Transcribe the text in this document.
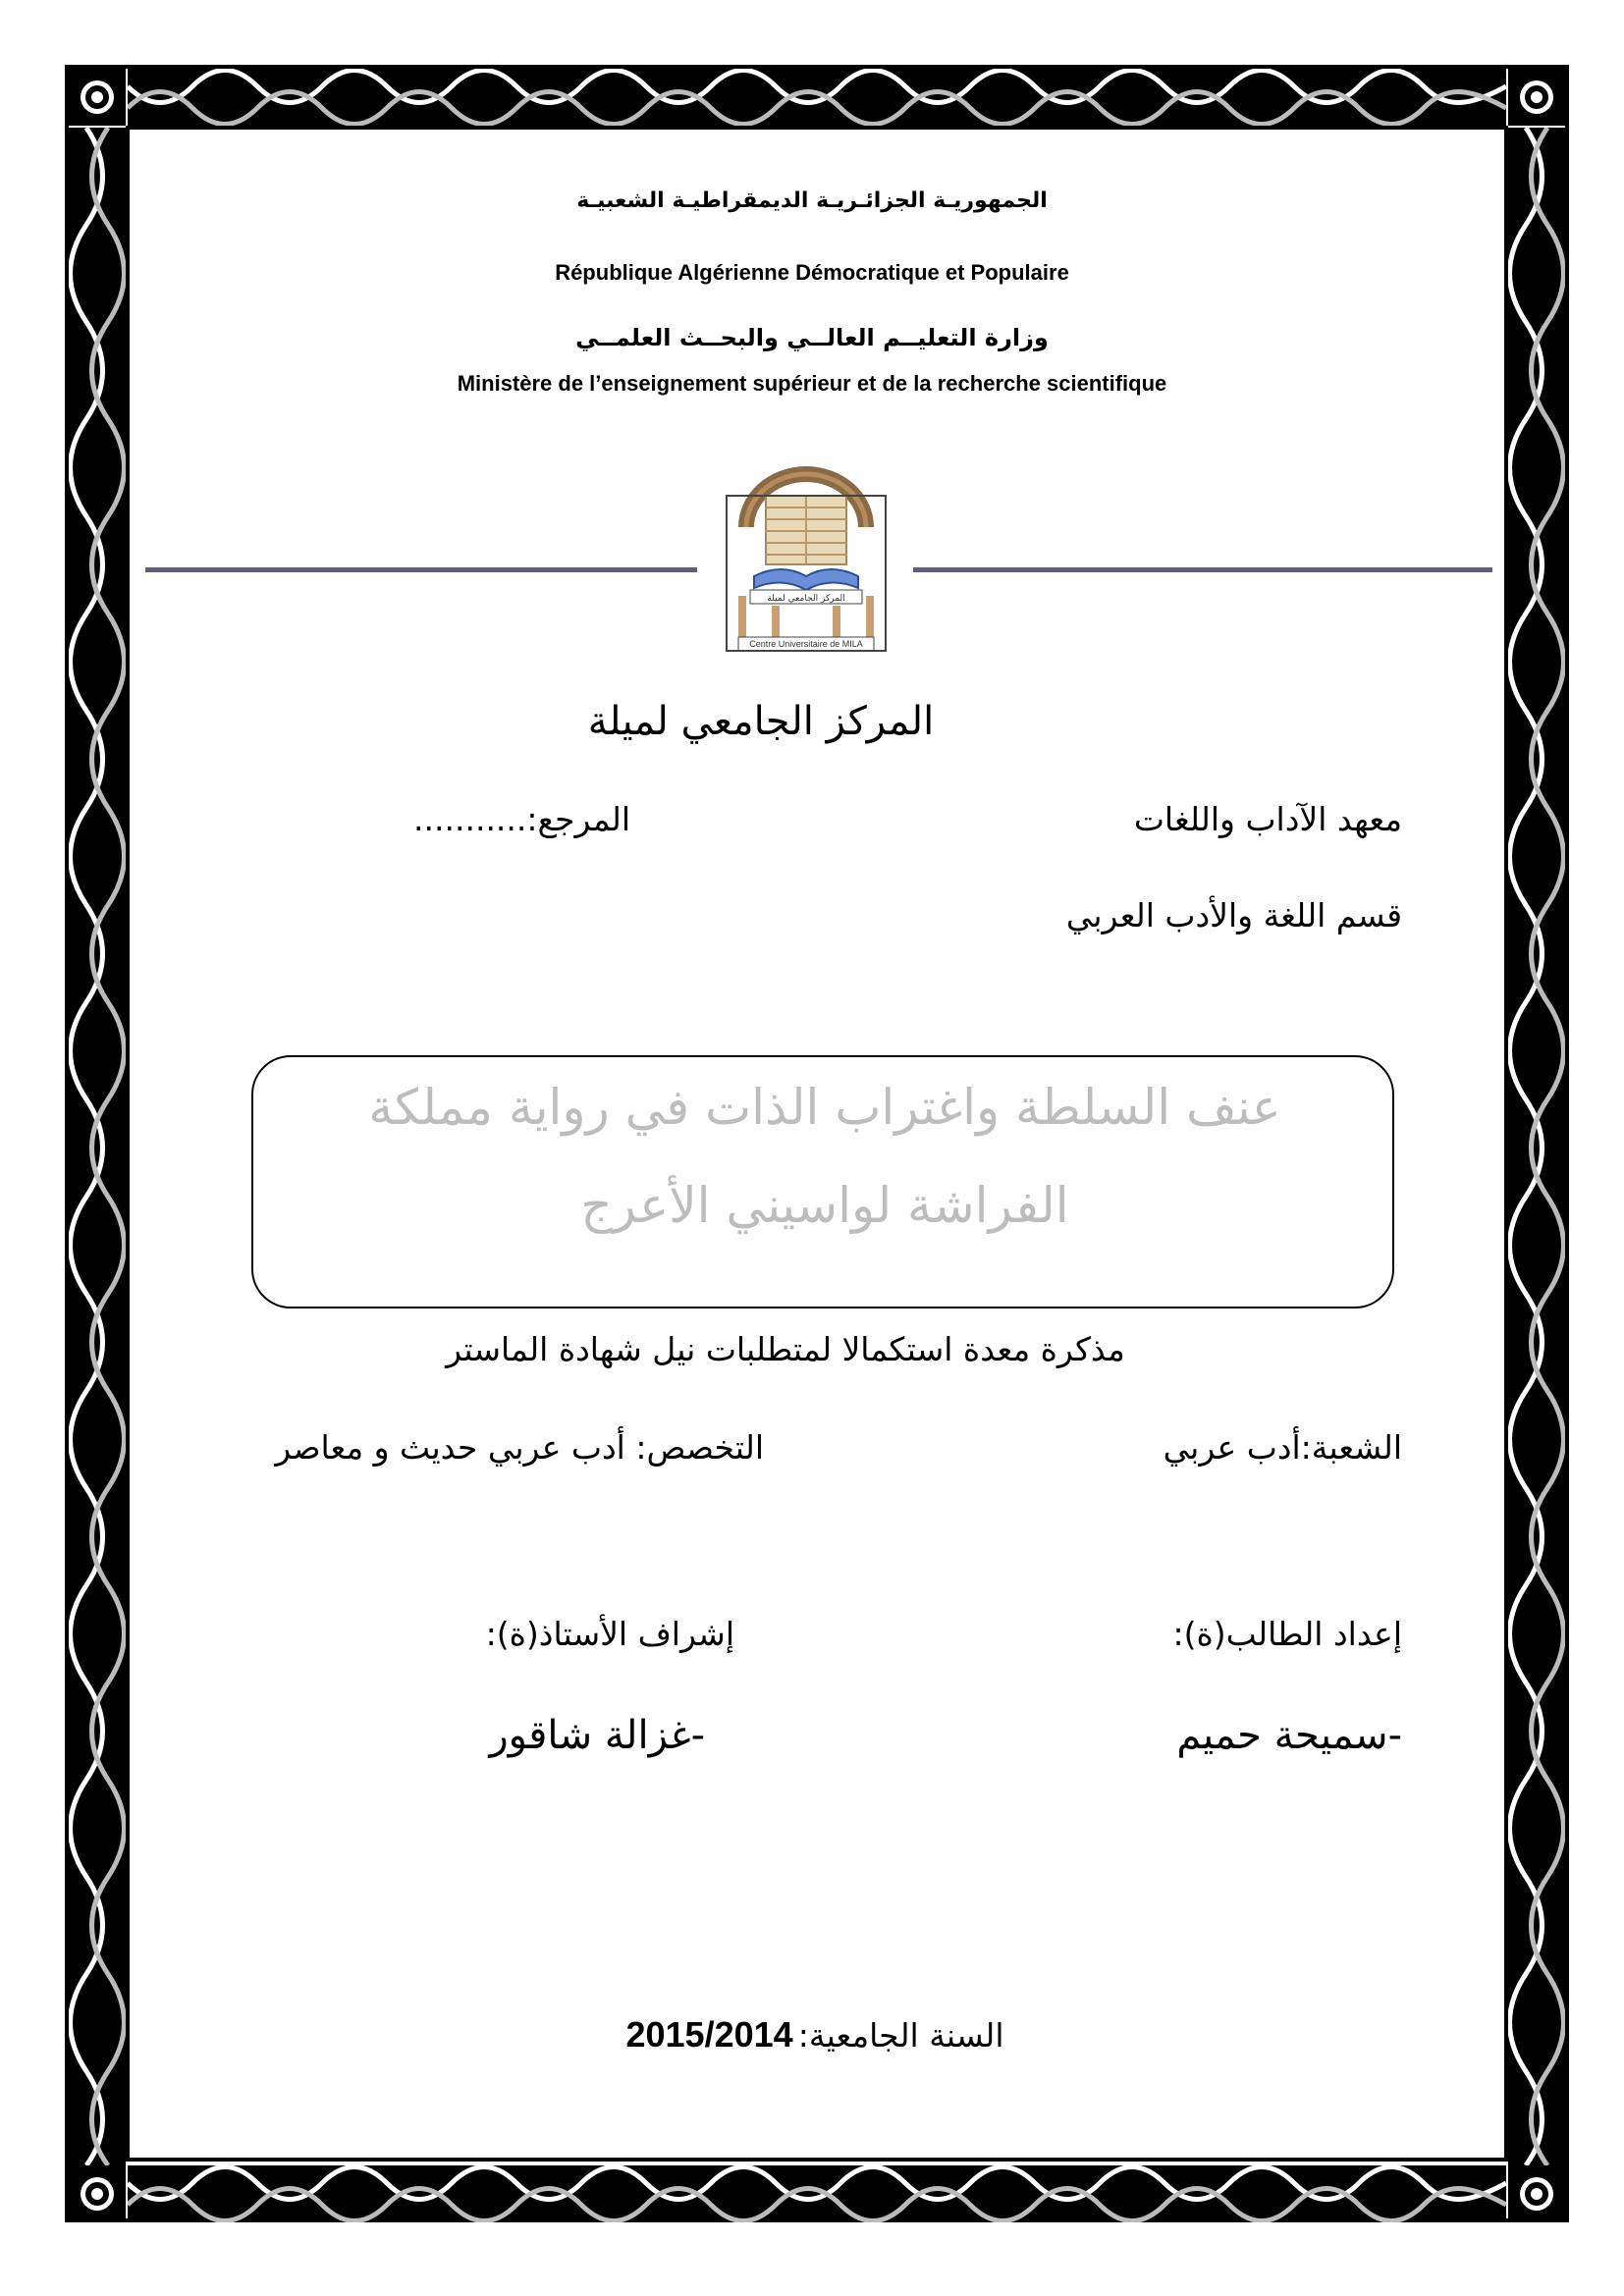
الجمهوريـة الجزائـريـة الديمقراطيـة الشعبيـة
République Algérienne Démocratique et Populaire
وزارة التعليــم العالــي والبحــث العلمــي
Ministère de l’enseignement supérieur et de la recherche scientifique
المركز الجامعي لميلة
Centre Universitaire de MILA
المركز الجامعي لميلة
معهد الآداب واللغات
المرجع:...........
قسم اللغة والأدب العربي
عنف السلطة واغتراب الذات في رواية مملكة
الفراشة لواسيني الأعرج
مذكرة معدة استكمالا لمتطلبات نيل شهادة الماستر
الشعبة:أدب عربي
التخصص: أدب عربي حديث و معاصر
إعداد الطالب(ة):
إشراف الأستاذ(ة):
-سميحة حميم
-غزالة شاقور
السنة الجامعية: 2015/2014
